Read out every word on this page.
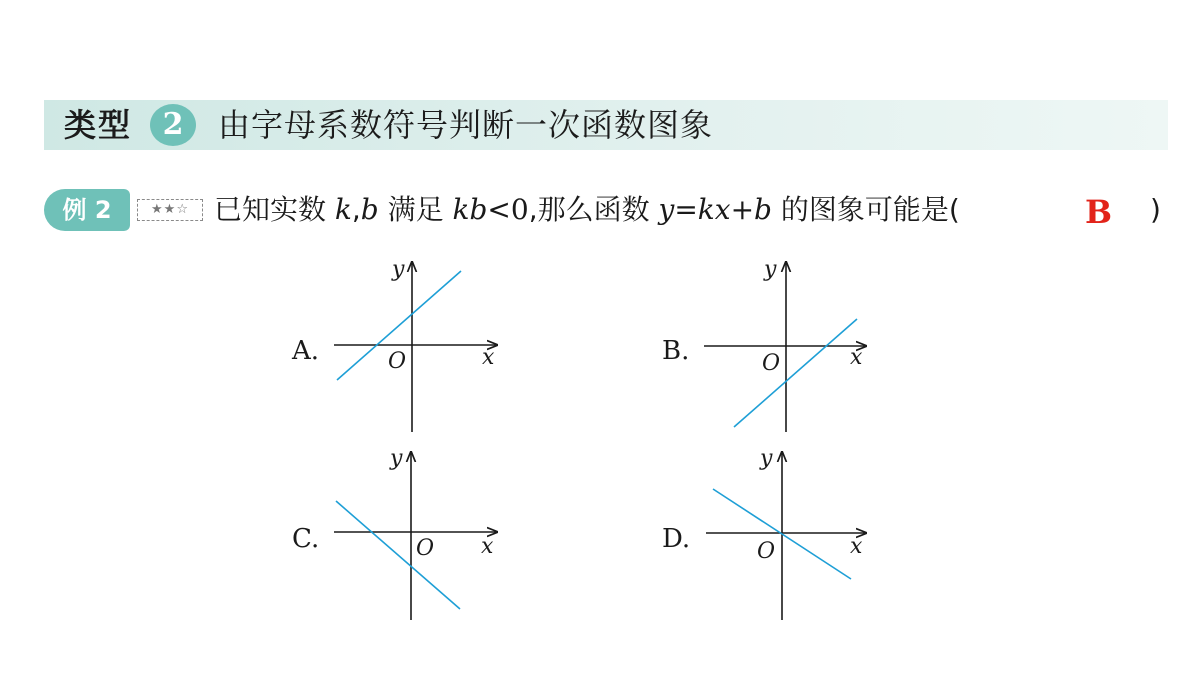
类型	2	由字母系数符号判断一次函数图象
例 2	★★☆ 已知实数 k,b 满足 kb<0,那么函数 y=kx+b 的图象可能是(	B )
A.
y
x
O	B.
y
x
O
C.
y
x
O	D.
y
x
O
